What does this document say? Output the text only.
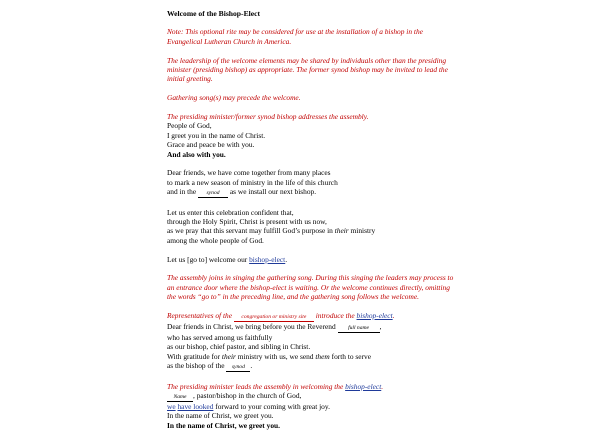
Welcome of the Bishop-Elect
Note: This optional rite may be considered for use at the installation of a bishop in the
Evangelical Lutheran Church in America.
The leadership of the welcome elements may be shared by individuals other than the presiding
minister (presiding bishop) as appropriate. The former synod bishop may be invited to lead the
initial greeting.
Gathering song(s) may precede the welcome.
The presiding minister/former synod bishop addresses the assembly.
People of God,
I greet you in the name of Christ.
Grace and peace be with you.
And also with you.
Dear friends, we have come together from many places
to mark a new season of ministry in the life of this church
and in the synod as we install our next bishop.
Let us enter this celebration confident that,
through the Holy Spirit, Christ is present with us now,
as we pray that this servant may fulfill God’s purpose in their ministry
among the whole people of God.
Let us [go to] welcome our bishop-elect.
The assembly joins in singing the gathering song. During this singing the leaders may process to
an entrance door where the bishop-elect is waiting. Or the welcome continues directly, omitting
the words “go to” in the preceding line, and the gathering song follows the welcome.
Representatives of the congregation or ministry site introduce the bishop-elect.
Dear friends in Christ, we bring before you the Reverend full name ,
who has served among us faithfully
as our bishop, chief pastor, and sibling in Christ.
With gratitude for their ministry with us, we send them forth to serve
as the bishop of the synod .
The presiding minister leads the assembly in welcoming the bishop-elect.
Name , pastor/bishop in the church of God,
we have looked forward to your coming with great joy.
In the name of Christ, we greet you.
In the name of Christ, we greet you.
